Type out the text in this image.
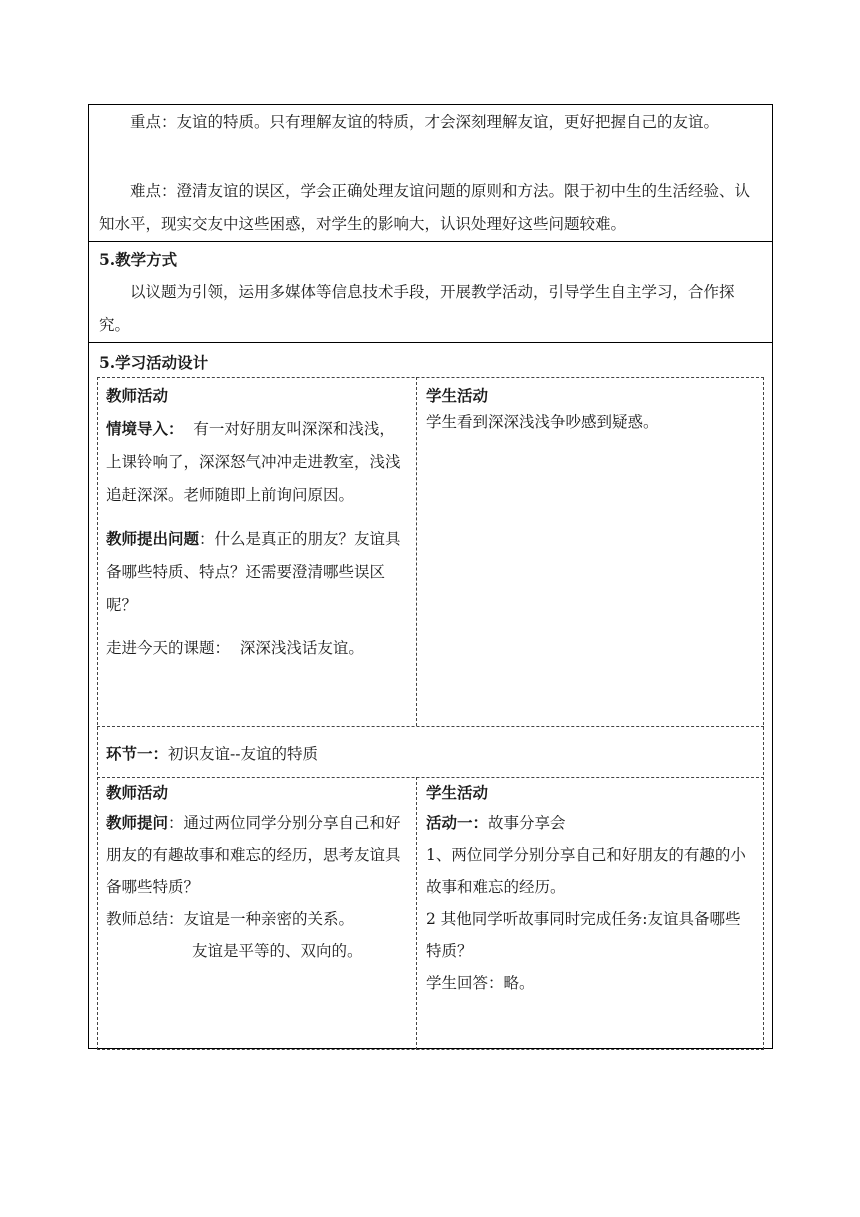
重点：友谊的特质。只有理解友谊的特质，才会深刻理解友谊，更好把握自己的友谊。

难点：澄清友谊的误区，学会正确处理友谊问题的原则和方法。限于初中生的生活经验、认知水平，现实交友中这些困惑，对学生的影响大，认识处理好这些问题较难。

5.教学方式

以议题为引领，运用多媒体等信息技术手段，开展教学活动，引导学生自主学习，合作探究。

5.学习活动设计

教师活动

情境导入： 有一对好朋友叫深深和浅浅，上课铃响了，深深怒气冲冲走进教室，浅浅追赶深深。老师随即上前询问原因。

教师提出问题：什么是真正的朋友？友谊具备哪些特质、特点？还需要澄清哪些误区呢？

走进今天的课题：  深深浅浅话友谊。

学生活动

学生看到深深浅浅争吵感到疑惑。

环节一：初识友谊--友谊的特质

教师活动

教师提问：通过两位同学分别分享自己和好朋友的有趣故事和难忘的经历，思考友谊具备哪些特质？

教师总结：友谊是一种亲密的关系。

友谊是平等的、双向的。

学生活动

活动一：故事分享会

1、两位同学分别分享自己和好朋友的有趣的小故事和难忘的经历。

2 其他同学听故事同时完成任务:友谊具备哪些特质？

学生回答：略。
